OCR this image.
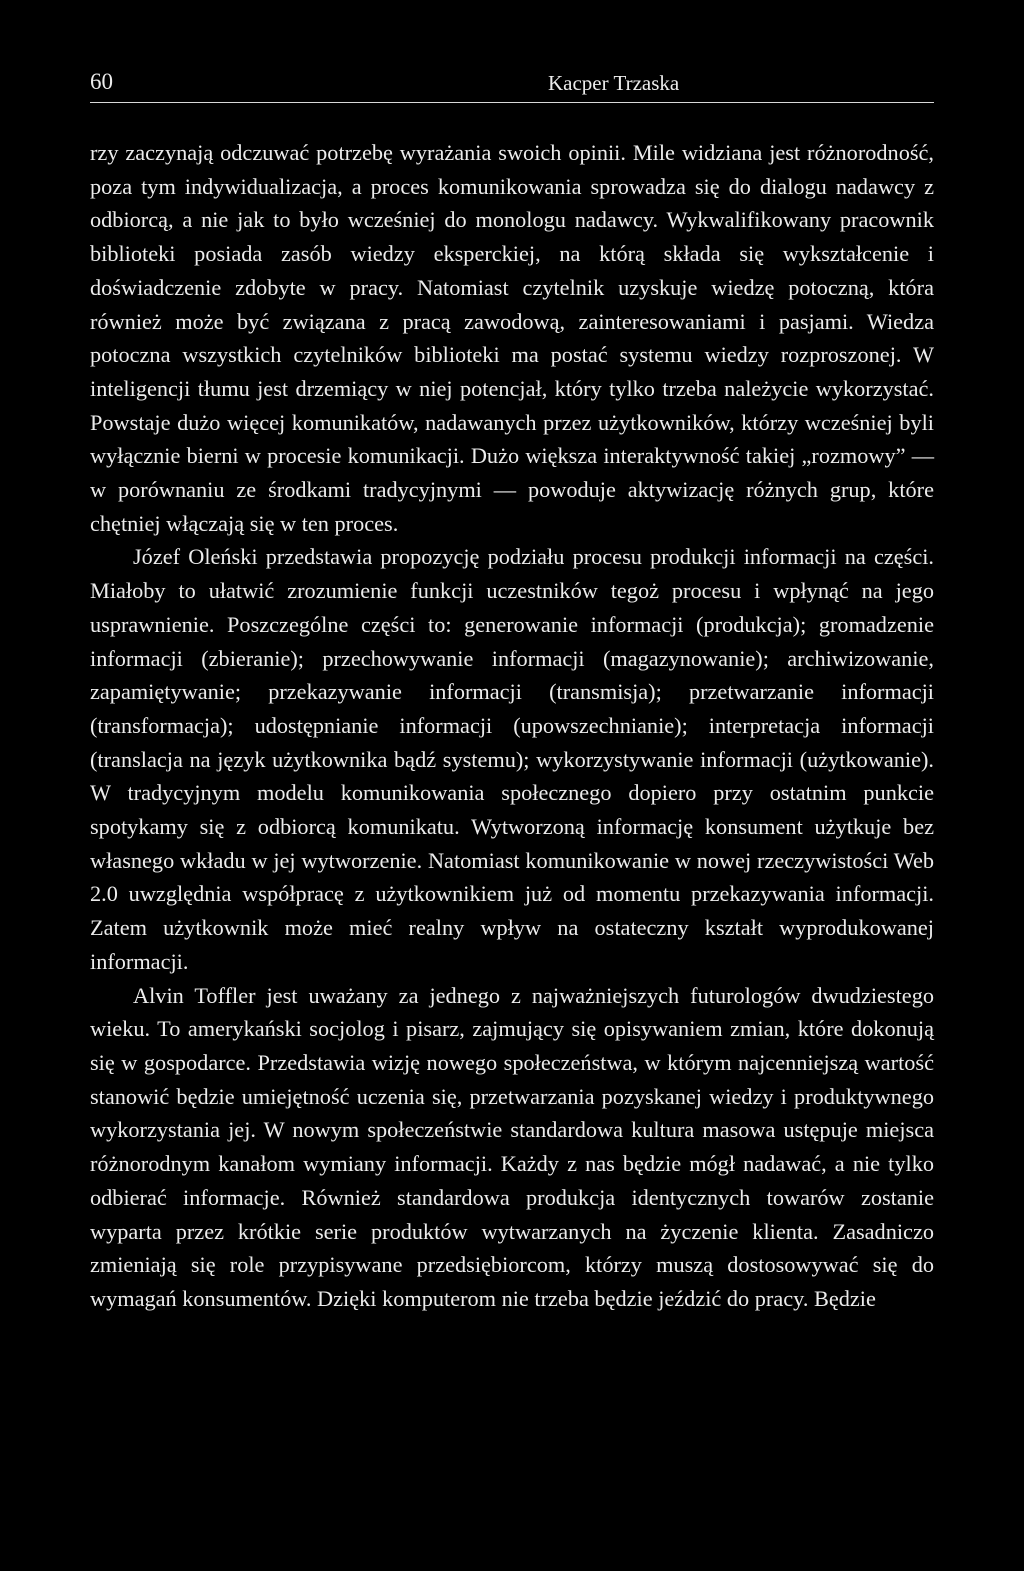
60	Kacper Trzaska

rzy zaczynają odczuwać potrzebę wyrażania swoich opinii. Mile widziana jest różnorodność, poza tym indywidualizacja, a proces komunikowania sprowadza się do dialogu nadawcy z odbiorcą, a nie jak to było wcześniej do monologu nadawcy. Wykwalifikowany pracownik biblioteki posiada zasób wiedzy eksperckiej, na którą składa się wykształcenie i doświadczenie zdobyte w pracy. Natomiast czytelnik uzyskuje wiedzę potoczną, która również może być związana z pracą zawodową, zainteresowaniami i pasjami. Wiedza potoczna wszystkich czytelników biblioteki ma postać systemu wiedzy rozproszonej. W inteligencji tłumu jest drzemiący w niej potencjał, który tylko trzeba należycie wykorzystać. Powstaje dużo więcej komunikatów, nadawanych przez użytkowników, którzy wcześniej byli wyłącznie bierni w procesie komunikacji. Dużo większa interaktywność takiej „rozmowy” — w porównaniu ze środkami tradycyjnymi — powoduje aktywizację różnych grup, które chętniej włączają się w ten proces.

Józef Oleński przedstawia propozycję podziału procesu produkcji informacji na części. Miałoby to ułatwić zrozumienie funkcji uczestników tegoż procesu i wpłynąć na jego usprawnienie. Poszczególne części to: generowanie informacji (produkcja); gromadzenie informacji (zbieranie); przechowywanie informacji (magazynowanie); archiwizowanie, zapamiętywanie; przekazywanie informacji (transmisja); przetwarzanie informacji (transformacja); udostępnianie informacji (upowszechnianie); interpretacja informacji (translacja na język użytkownika bądź systemu); wykorzystywanie informacji (użytkowanie). W tradycyjnym modelu komunikowania społecznego dopiero przy ostatnim punkcie spotykamy się z odbiorcą komunikatu. Wytworzoną informację konsument użytkuje bez własnego wkładu w jej wytworzenie. Natomiast komunikowanie w nowej rzeczywistości Web 2.0 uwzględnia współpracę z użytkownikiem już od momentu przekazywania informacji. Zatem użytkownik może mieć realny wpływ na ostateczny kształt wyprodukowanej informacji.

Alvin Toffler jest uważany za jednego z najważniejszych futurologów dwudziestego wieku. To amerykański socjolog i pisarz, zajmujący się opisywaniem zmian, które dokonują się w gospodarce. Przedstawia wizję nowego społeczeństwa, w którym najcenniejszą wartość stanowić będzie umiejętność uczenia się, przetwarzania pozyskanej wiedzy i produktywnego wykorzystania jej. W nowym społeczeństwie standardowa kultura masowa ustępuje miejsca różnorodnym kanałom wymiany informacji. Każdy z nas będzie mógł nadawać, a nie tylko odbierać informacje. Również standardowa produkcja identycznych towarów zostanie wyparta przez krótkie serie produktów wytwarzanych na życzenie klienta. Zasadniczo zmieniają się role przypisywane przedsiębiorcom, którzy muszą dostosowywać się do wymagań konsumentów. Dzięki komputerom nie trzeba będzie jeździć do pracy. Będzie
